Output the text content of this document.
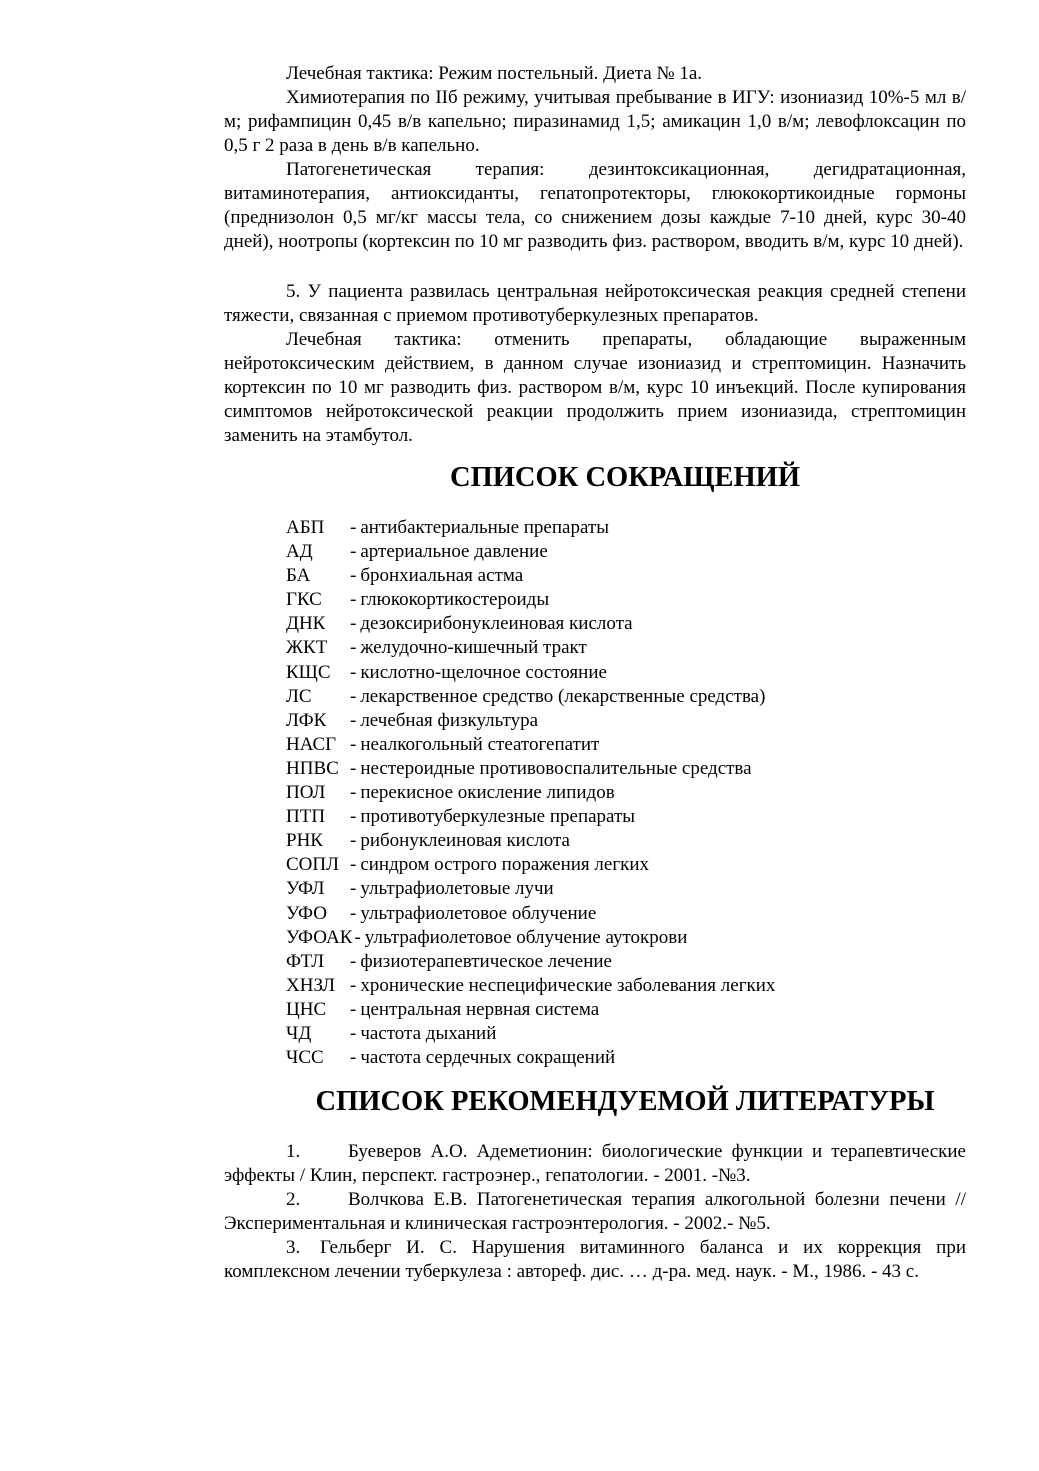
Лечебная тактика: Режим постельный. Диета № 1а.

Химиотерапия по IIб режиму, учитывая пребывание в ИГУ: изониазид 10%-5 мл в/м; рифампицин 0,45 в/в капельно; пиразинамид 1,5; амикацин 1,0 в/м; левофлоксацин по 0,5 г 2 раза в день в/в капельно.

Патогенетическая терапия: дезинтоксикационная, дегидратационная, витаминотерапия, антиоксиданты, гепатопротекторы, глюкокортикоидные гормоны (преднизолон 0,5 мг/кг массы тела, со снижением дозы каждые 7-10 дней, курс 30-40 дней), ноотропы (кортексин по 10 мг разводить физ. раствором, вводить в/м, курс 10 дней).

5. У пациента развилась центральная нейротоксическая реакция средней степени тяжести, связанная с приемом противотуберкулезных препаратов.

Лечебная тактика: отменить препараты, обладающие выраженным нейротоксическим действием, в данном случае изониазид и стрептомицин. Назначить кортексин по 10 мг разводить физ. раствором в/м, курс 10 инъекций. После купирования симптомов нейротоксической реакции продолжить прием изониазида, стрептомицин заменить на этамбутол.

СПИСОК СОКРАЩЕНИЙ
АБП	- антибактериальные препараты
АД	- артериальное давление
БА	- бронхиальная астма
ГКС	- глюкокортикостероиды
ДНК	- дезоксирибонуклеиновая кислота
ЖКТ	- желудочно-кишечный тракт
КЩС	- кислотно-щелочное состояние
ЛС	- лекарственное средство (лекарственные средства)
ЛФК	- лечебная физкультура
НАСГ - неалкогольный стеатогепатит
НПВС - нестероидные противовоспалительные средства
ПОЛ	- перекисное окисление липидов
ПТП	- противотуберкулезные препараты
РНК	- рибонуклеиновая кислота
СОПЛ - синдром острого поражения легких
УФЛ	- ультрафиолетовые лучи
УФО	- ультрафиолетовое облучение
УФОАК - ультрафиолетовое облучение аутокрови
ФТЛ	- физиотерапевтическое лечение
ХНЗЛ - хронические неспецифические заболевания легких
ЦНС	- центральная нервная система
ЧД	- частота дыханий
ЧСС	- частота сердечных сокращений
СПИСОК РЕКОМЕНДУЕМОЙ ЛИТЕРАТУРЫ

1.	Буеверов А.О. Адеметионин: биологические функции и терапевтические эффекты / Клин, перспект. гастроэнер., гепатологии. - 2001. -№3.

2.	Волчкова Е.В. Патогенетическая терапия алкогольной болезни печени // Экспериментальная и клиническая гастроэнтерология. - 2002.- №5.

3. Гельберг И. С. Нарушения витаминного баланса и их коррекция при комплексном лечении туберкулеза : автореф. дис. … д-ра. мед. наук. - М., 1986. - 43 с.
